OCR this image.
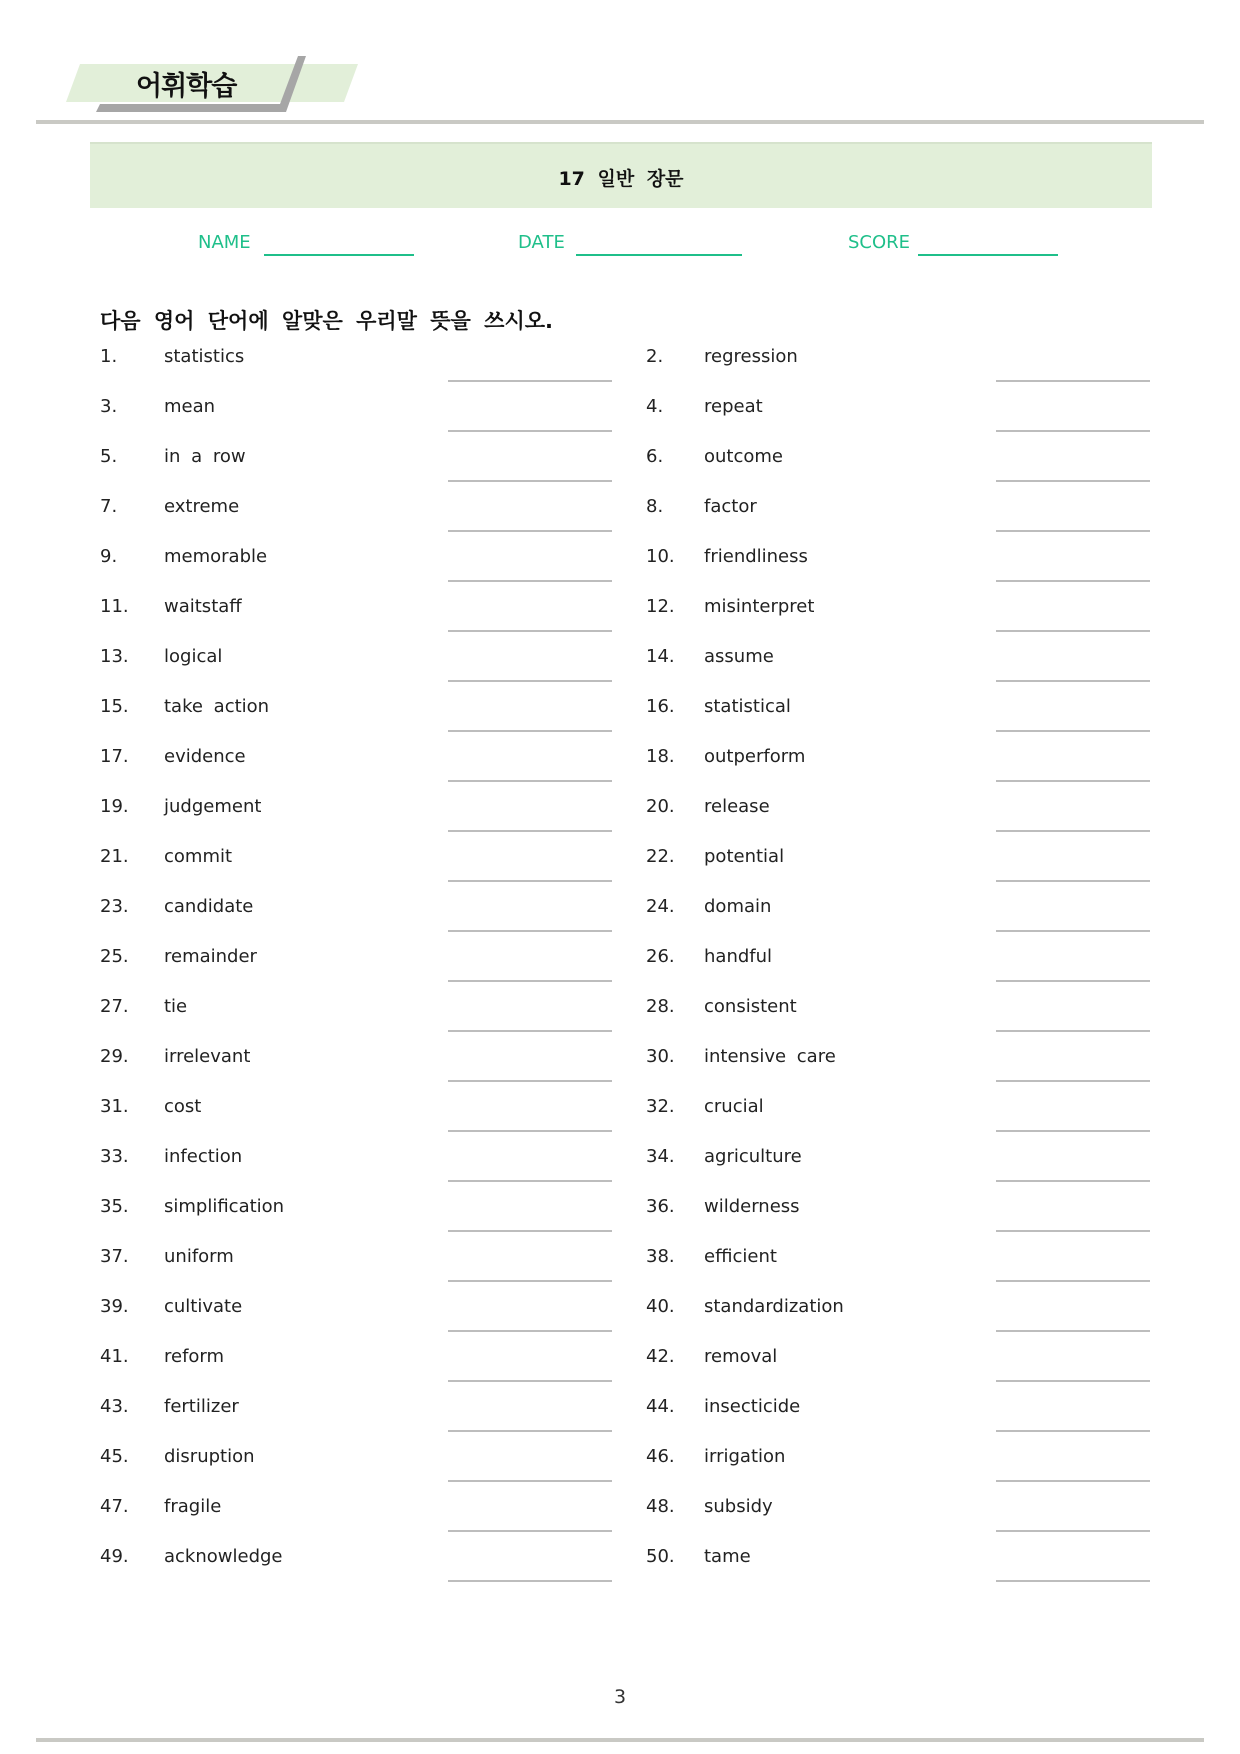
어휘학습
17 일반 장문
NAME	DATE	SCORE
다음 영어 단어에 알맞은 우리말 뜻을 쓰시오.
1.	statistics	2. regression
3.	mean	4. repeat
5.	in a row	6. outcome
7.	extreme	8. factor
9.	memorable	10. friendliness
11. waitstaff	12. misinterpret
13. logical	14. assume
15. take action	16. statistical
17. evidence	18. outperform
19. judgement	20. release
21. commit	22. potential
23. candidate	24. domain
25. remainder	26. handful
27. tie	28. consistent
29. irrelevant	30. intensive care
31. cost	32. crucial
33. infection	34. agriculture
35. simplification	36. wilderness
37. uniform	38. efficient
39. cultivate	40. standardization
41. reform	42. removal
43. fertilizer	44. insecticide
45. disruption	46. irrigation
47. fragile	48. subsidy
49. acknowledge	50. tame
3
